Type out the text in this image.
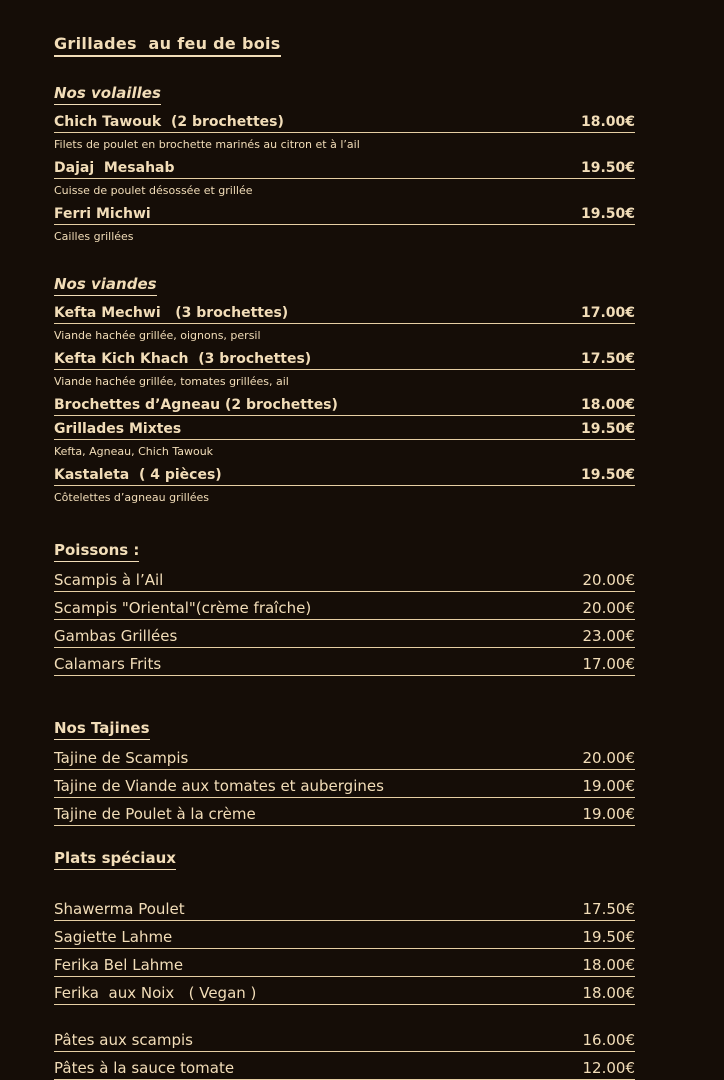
Grillades  au feu de bois
Nos volailles
Chich Tawouk  (2 brochettes)	18.00€

Filets de poulet en brochette marinés au citron et à l’ail

Dajaj  Mesahab	19.50€

Cuisse de poulet désossée et grillée

Ferri Michwi	19.50€

Cailles grillées

Nos viandes
Kefta Mechwi   (3 brochettes)	17.00€

Viande hachée grillée, oignons, persil

Kefta Kich Khach  (3 brochettes)	17.50€

Viande hachée grillée, tomates grillées, ail

Brochettes d’Agneau (2 brochettes)	18.00€
Grillades Mixtes	19.50€

Kefta, Agneau, Chich Tawouk

Kastaleta  ( 4 pièces)	19.50€

Côtelettes d’agneau grillées

Poissons :
Scampis à l’Ail	20.00€
Scampis "Oriental"(crème fraîche)	20.00€
Gambas Grillées	23.00€
Calamars Frits	17.00€
Nos Tajines
Tajine de Scampis	20.00€
Tajine de Viande aux tomates et aubergines	19.00€
Tajine de Poulet à la crème	19.00€
Plats spéciaux
Shawerma Poulet	17.50€
Sagiette Lahme	19.50€
Ferika Bel Lahme	18.00€
Ferika  aux Noix   ( Vegan )	18.00€
Pâtes aux scampis	16.00€
Pâtes à la sauce tomate	12.00€
